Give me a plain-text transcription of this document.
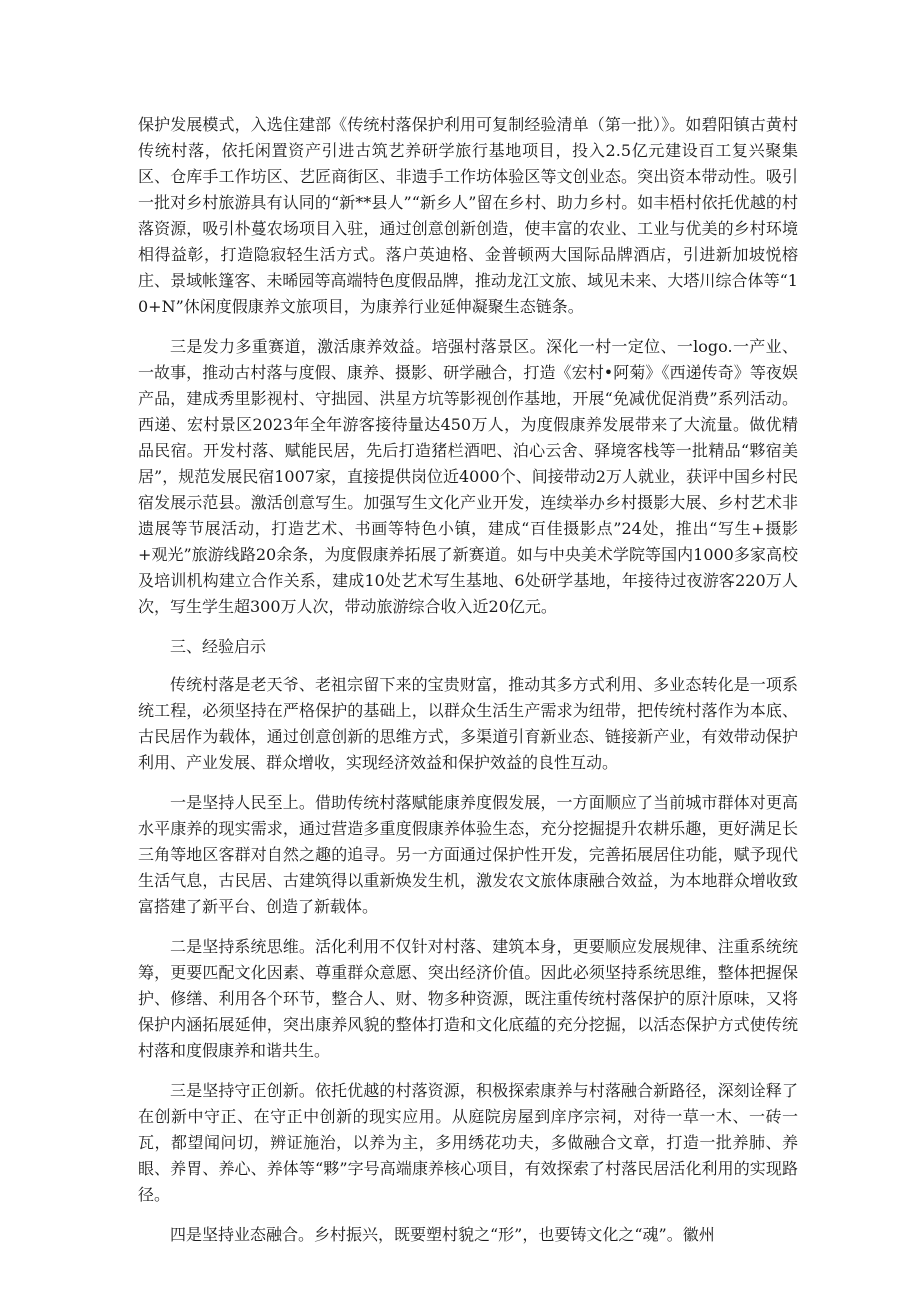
保护发展模式，入选住建部《传统村落保护利用可复制经验清单（第一批）》。如碧阳镇古黄村传统村落，依托闲置资产引进古筑艺养研学旅行基地项目，投入2.5亿元建设百工复兴聚集区、仓库手工作坊区、艺匠商街区、非遗手工作坊体验区等文创业态。突出资本带动性。吸引一批对乡村旅游具有认同的“新**县人”“新乡人”留在乡村、助力乡村。如丰梧村依托优越的村落资源，吸引朴蔓农场项目入驻，通过创意创新创造，使丰富的农业、工业与优美的乡村环境相得益彰，打造隐寂轻生活方式。落户英迪格、金普顿两大国际品牌酒店，引进新加坡悦榕庄、景域帐篷客、未晞园等高端特色度假品牌，推动龙江文旅、域见未来、大塔川综合体等“10+N”休闲度假康养文旅项目，为康养行业延伸凝聚生态链条。

三是发力多重赛道，激活康养效益。培强村落景区。深化一村一定位、一logo.一产业、一故事，推动古村落与度假、康养、摄影、研学融合，打造《宏村•阿菊》《西递传奇》等夜娱产品，建成秀里影视村、守拙园、洪星方坑等影视创作基地，开展“免减优促消费”系列活动。西递、宏村景区2023年全年游客接待量达450万人，为度假康养发展带来了大流量。做优精品民宿。开发村落、赋能民居，先后打造猪栏酒吧、泊心云舍、驿境客栈等一批精品“夥宿美居”，规范发展民宿1007家，直接提供岗位近4000个、间接带动2万人就业，获评中国乡村民宿发展示范县。激活创意写生。加强写生文化产业开发，连续举办乡村摄影大展、乡村艺术非遗展等节展活动，打造艺术、书画等特色小镇，建成“百佳摄影点”24处，推出“写生+摄影+观光”旅游线路20余条，为度假康养拓展了新赛道。如与中央美术学院等国内1000多家高校及培训机构建立合作关系，建成10处艺术写生基地、6处研学基地，年接待过夜游客220万人次，写生学生超300万人次，带动旅游综合收入近20亿元。

三、经验启示

传统村落是老天爷、老祖宗留下来的宝贵财富，推动其多方式利用、多业态转化是一项系统工程，必须坚持在严格保护的基础上，以群众生活生产需求为纽带，把传统村落作为本底、古民居作为载体，通过创意创新的思维方式，多渠道引育新业态、链接新产业，有效带动保护利用、产业发展、群众增收，实现经济效益和保护效益的良性互动。

一是坚持人民至上。借助传统村落赋能康养度假发展，一方面顺应了当前城市群体对更高水平康养的现实需求，通过营造多重度假康养体验生态，充分挖掘提升农耕乐趣，更好满足长三角等地区客群对自然之趣的追寻。另一方面通过保护性开发，完善拓展居住功能，赋予现代生活气息，古民居、古建筑得以重新焕发生机，激发农文旅体康融合效益，为本地群众增收致富搭建了新平台、创造了新载体。

二是坚持系统思维。活化利用不仅针对村落、建筑本身，更要顺应发展规律、注重系统统筹，更要匹配文化因素、尊重群众意愿、突出经济价值。因此必须坚持系统思维，整体把握保护、修缮、利用各个环节，整合人、财、物多种资源，既注重传统村落保护的原汁原味，又将保护内涵拓展延伸，突出康养风貌的整体打造和文化底蕴的充分挖掘，以活态保护方式使传统村落和度假康养和谐共生。

三是坚持守正创新。依托优越的村落资源，积极探索康养与村落融合新路径，深刻诠释了在创新中守正、在守正中创新的现实应用。从庭院房屋到庠序宗祠，对待一草一木、一砖一瓦，都望闻问切，辨证施治，以养为主，多用绣花功夫，多做融合文章，打造一批养肺、养眼、养胃、养心、养体等“夥”字号高端康养核心项目，有效探索了村落民居活化利用的实现路径。

四是坚持业态融合。乡村振兴，既要塑村貌之“形”，也要铸文化之“魂”。徽州
